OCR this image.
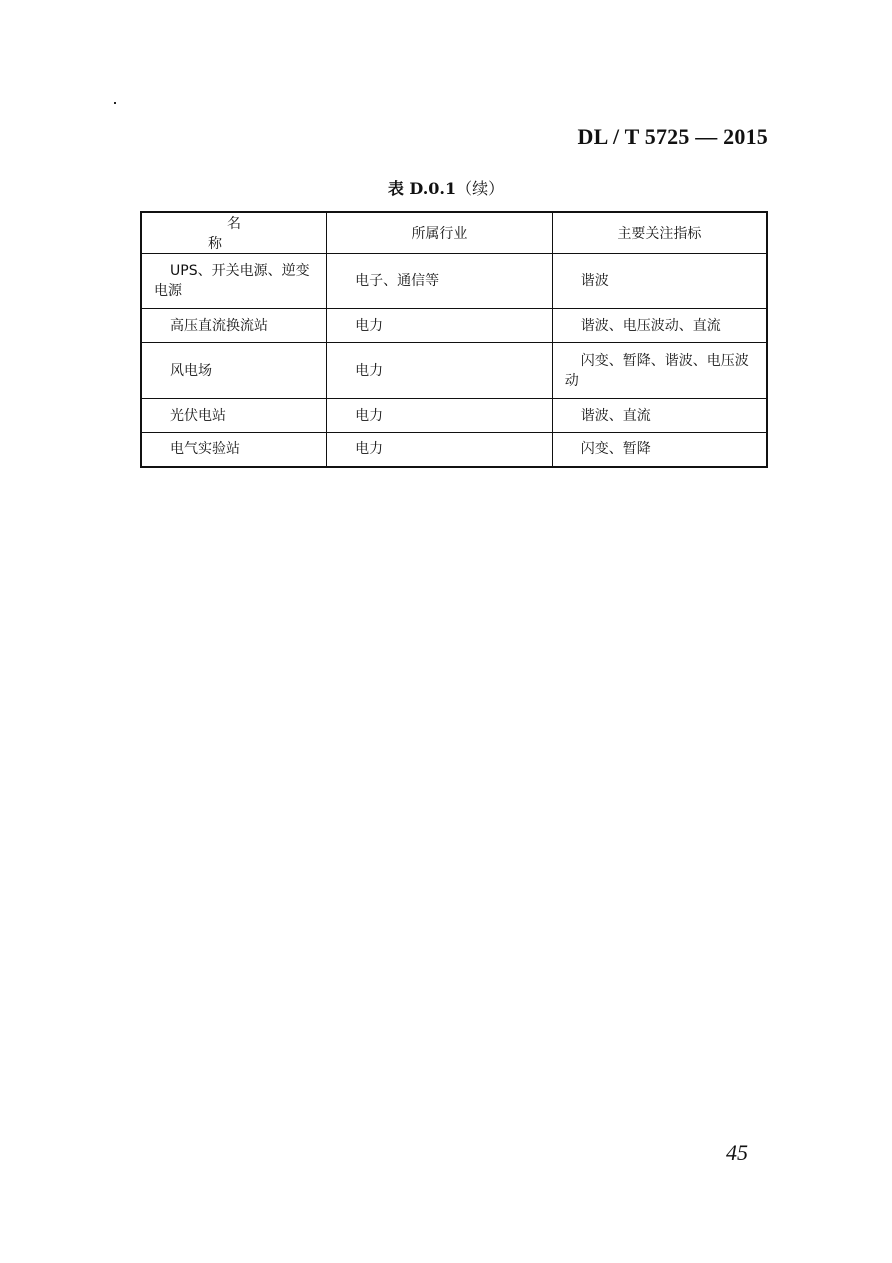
DL / T 5725 — 2015
表 D.0.1（续）
名 称	所属行业	主要关注指标

UPS、开关电源、逆变电源	电子、通信等	谐波

高压直流换流站	电力	谐波、电压波动、直流

风电场	电力	闪变、暂降、谐波、电压波动

光伏电站	电力	谐波、直流

电气实验站	电力	闪变、暂降
45
